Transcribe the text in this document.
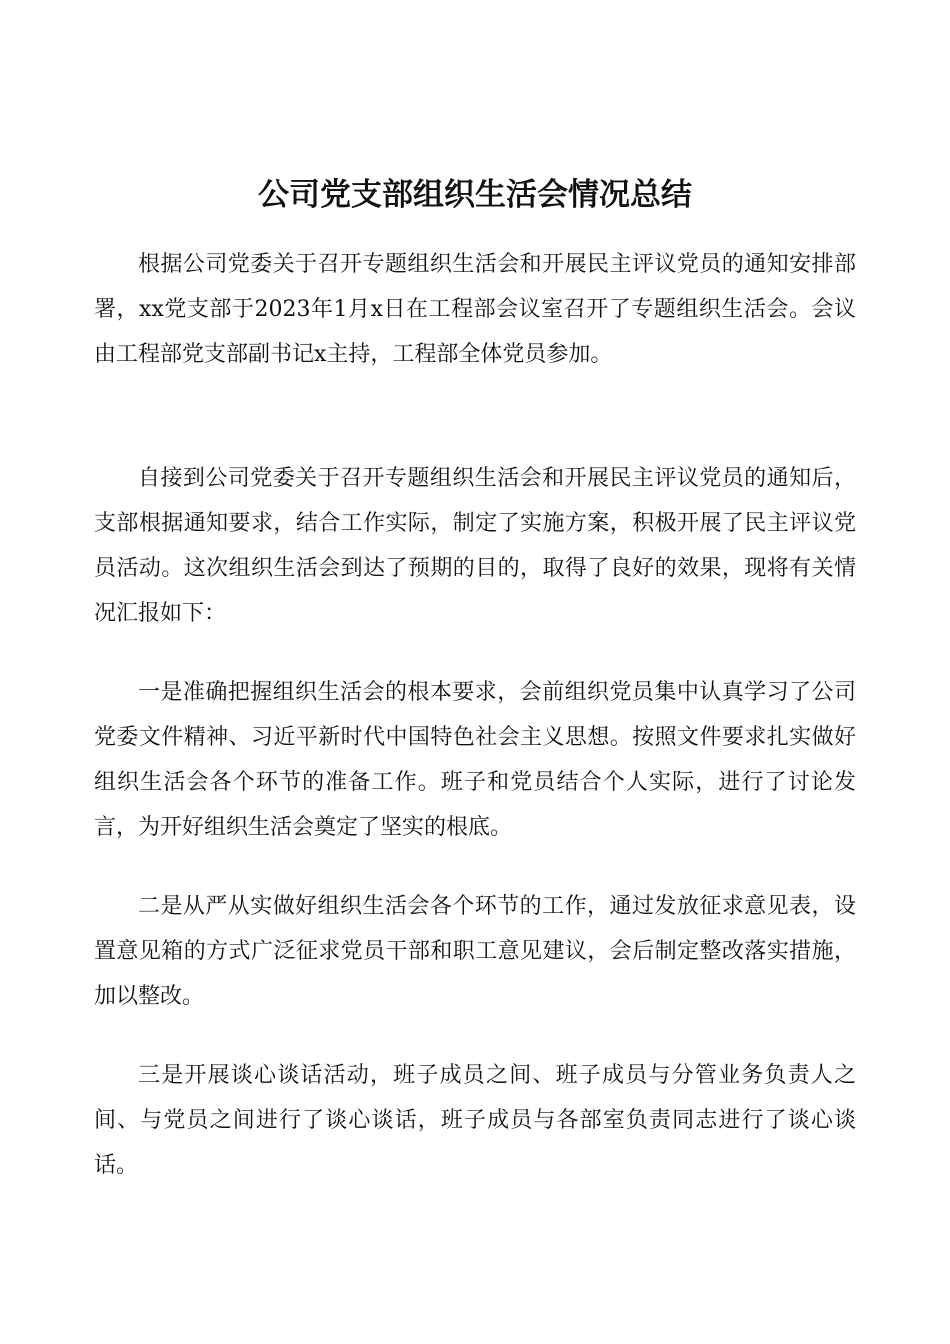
公司党支部组织生活会情况总结

根据公司党委关于召开专题组织生活会和开展民主评议党员的通知安排部署，xx党支部于2023年1月x日在工程部会议室召开了专题组织生活会。会议由工程部党支部副书记x主持，工程部全体党员参加。

自接到公司党委关于召开专题组织生活会和开展民主评议党员的通知后，支部根据通知要求，结合工作实际，制定了实施方案，积极开展了民主评议党员活动。这次组织生活会到达了预期的目的，取得了良好的效果，现将有关情况汇报如下：

一是准确把握组织生活会的根本要求，会前组织党员集中认真学习了公司党委文件精神、习近平新时代中国特色社会主义思想。按照文件要求扎实做好组织生活会各个环节的准备工作。班子和党员结合个人实际，进行了讨论发言，为开好组织生活会奠定了坚实的根底。

二是从严从实做好组织生活会各个环节的工作，通过发放征求意见表，设置意见箱的方式广泛征求党员干部和职工意见建议，会后制定整改落实措施，加以整改。

三是开展谈心谈话活动，班子成员之间、班子成员与分管业务负责人之间、与党员之间进行了谈心谈话，班子成员与各部室负责同志进行了谈心谈话。
